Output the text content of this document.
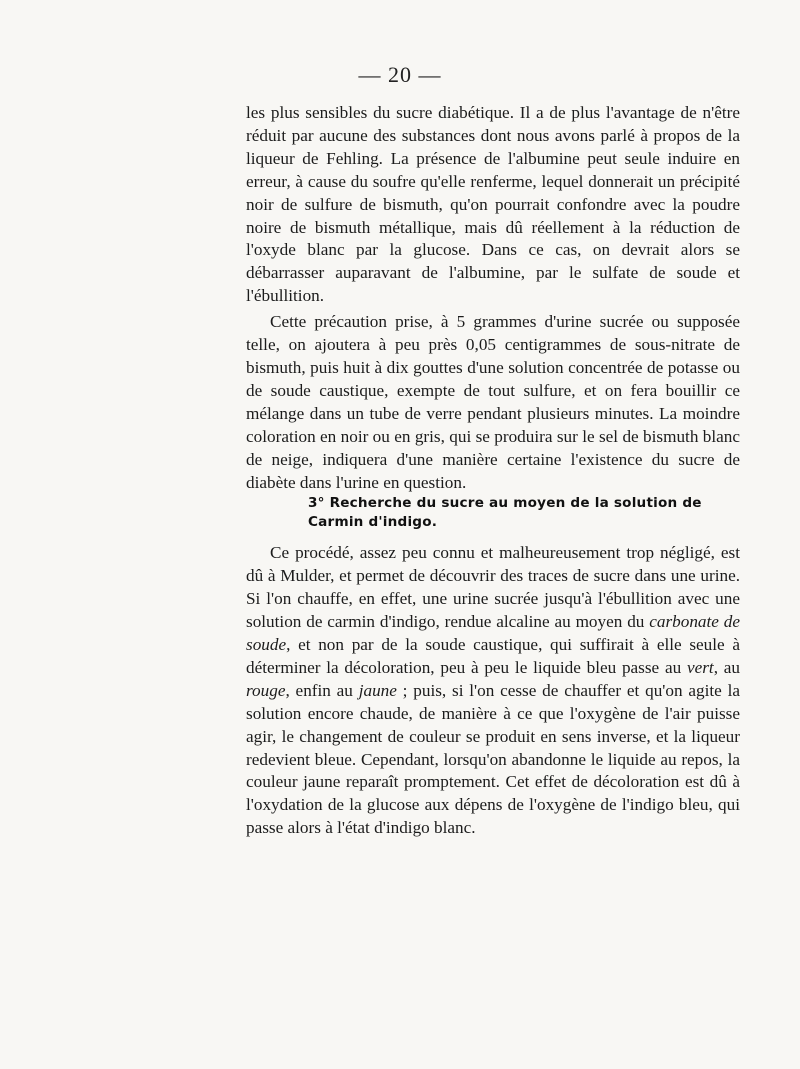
— 20 —

les plus sensibles du sucre diabétique. Il a de plus l'avantage de n'être réduit par aucune des substances dont nous avons parlé à propos de la liqueur de Fehling. La présence de l'albumine peut seule induire en erreur, à cause du soufre qu'elle renferme, lequel donnerait un précipité noir de sulfure de bismuth, qu'on pourrait confondre avec la poudre noire de bismuth métallique, mais dû réellement à la réduction de l'oxyde blanc par la glucose. Dans ce cas, on devrait alors se débarrasser auparavant de l'albumine, par le sulfate de soude et l'ébullition.

Cette précaution prise, à 5 grammes d'urine sucrée ou supposée telle, on ajoutera à peu près 0,05 centigrammes de sous-nitrate de bismuth, puis huit à dix gouttes d'une solution concentrée de potasse ou de soude caustique, exempte de tout sulfure, et on fera bouillir ce mélange dans un tube de verre pendant plusieurs minutes. La moindre coloration en noir ou en gris, qui se produira sur le sel de bismuth blanc de neige, indiquera d'une manière certaine l'existence du sucre de diabète dans l'urine en question.

3° Recherche du sucre au moyen de la solution de Carmin d'indigo.

Ce procédé, assez peu connu et malheureusement trop négligé, est dû à Mulder, et permet de découvrir des traces de sucre dans une urine. Si l'on chauffe, en effet, une urine sucrée jusqu'à l'ébullition avec une solution de carmin d'indigo, rendue alcaline au moyen du carbonate de soude, et non par de la soude caustique, qui suffirait à elle seule à déterminer la décoloration, peu à peu le liquide bleu passe au vert, au rouge, enfin au jaune ; puis, si l'on cesse de chauffer et qu'on agite la solution encore chaude, de manière à ce que l'oxygène de l'air puisse agir, le changement de couleur se produit en sens inverse, et la liqueur redevient bleue. Cependant, lorsqu'on abandonne le liquide au repos, la couleur jaune reparaît promptement. Cet effet de décoloration est dû à l'oxydation de la glucose aux dépens de l'oxygène de l'indigo bleu, qui passe alors à l'état d'indigo blanc.
